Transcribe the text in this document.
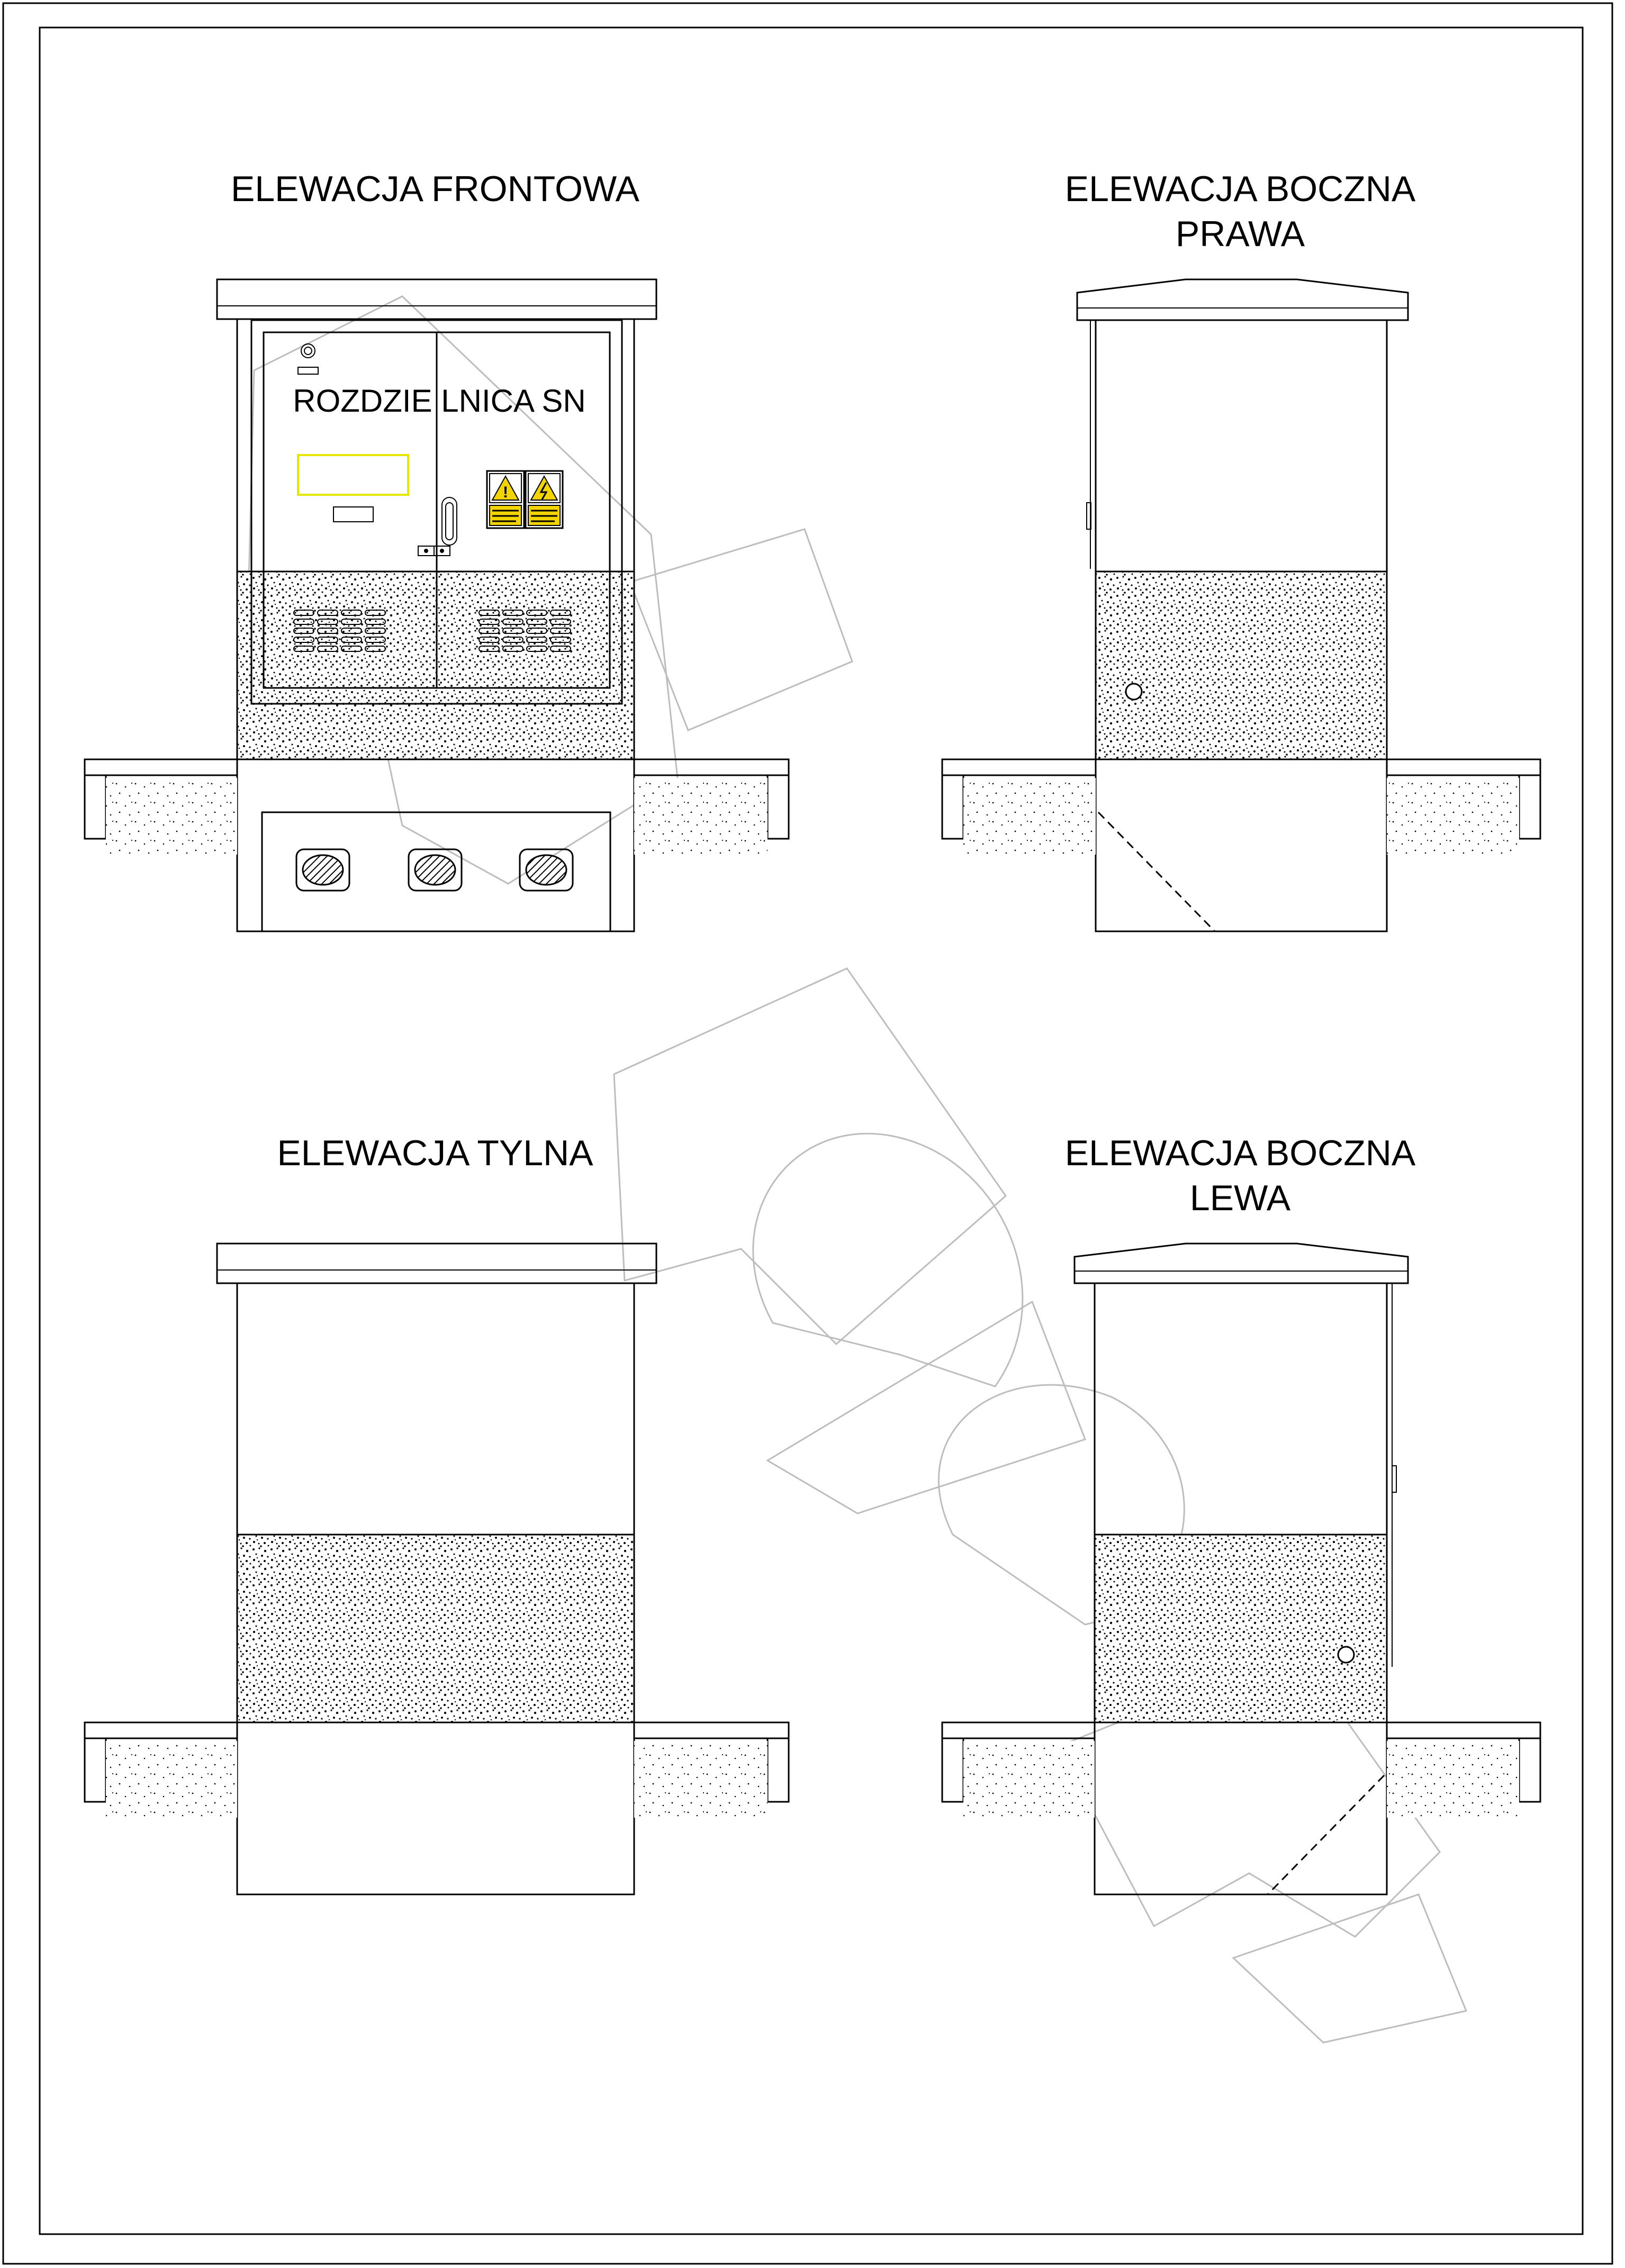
ELEWACJA FRONTOWA
ROZDZIE LNICA SN
!
ELEWACJA BOCZNA
PRAWA
ELEWACJA TYLNA	ELEWACJA BOCZNA
LEWA
